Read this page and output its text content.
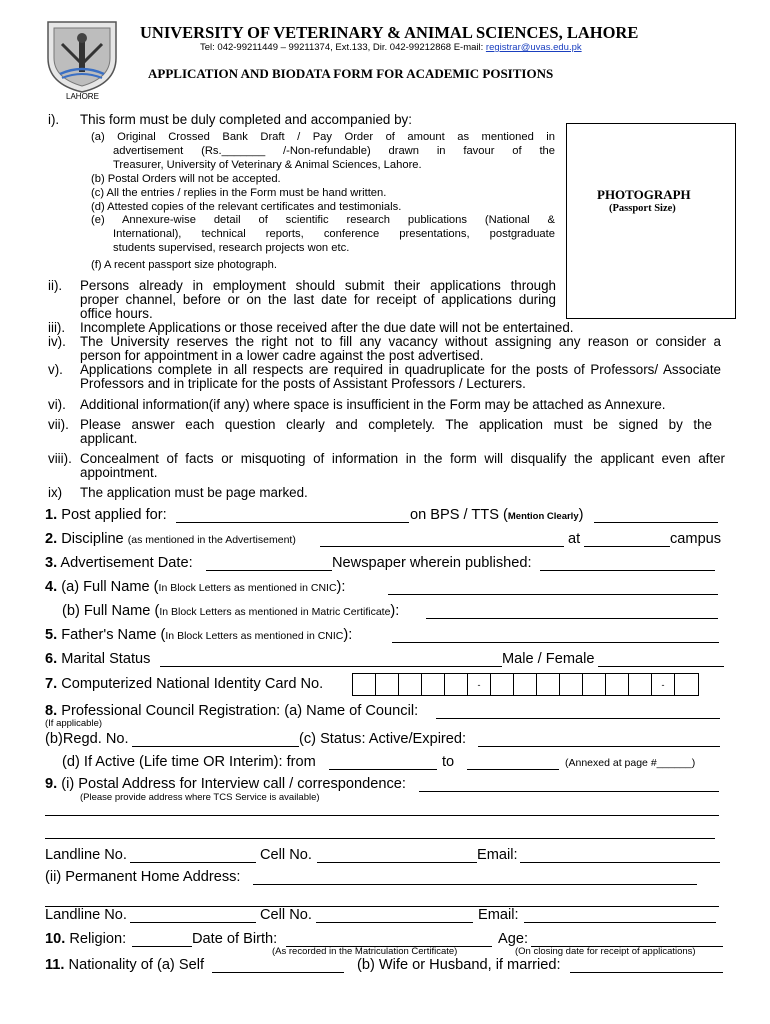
LAHORE
UNIVERSITY OF VETERINARY & ANIMAL SCIENCES, LAHORE
Tel: 042-99211449 – 99211374, Ext.133, Dir. 042-99212868 E-mail: registrar@uvas.edu.pk
APPLICATION AND BIODATA FORM FOR ACADEMIC POSITIONS
PHOTOGRAPH
(Passport Size)
i). This form must be duly completed and accompanied by:
(a) Original Crossed Bank Draft / Pay Order of amount as mentioned in
advertisement (Rs._______ /-Non-refundable) drawn in favour of the
Treasurer, University of Veterinary & Animal Sciences, Lahore.
(b) Postal Orders will not be accepted.
(c) All the entries / replies in the Form must be hand written.
(d) Attested copies of the relevant certificates and testimonials.
(e) Annexure-wise detail of scientific research publications (National &
International), technical reports, conference presentations, postgraduate
students supervised, research projects won etc.
(f) A recent passport size photograph.
ii). Persons already in employment should submit their applications through
proper channel, before or on the last date for receipt of applications during
office hours.
iii). Incomplete Applications or those received after the due date will not be entertained.
iv). The University reserves the right not to fill any vacancy without assigning any reason or consider a
person for appointment in a lower cadre against the post advertised.
v). Applications complete in all respects are required in quadruplicate for the posts of Professors/ Associate
Professors and in triplicate for the posts of Assistant Professors / Lecturers.
vi). Additional information(if any) where space is insufficient in the Form may be attached as Annexure.
vii). Please answer each question clearly and completely. The application must be signed by the
applicant.
viii). Concealment of facts or misquoting of information in the form will disqualify the applicant even after
appointment.
ix) The application must be page marked.
1. Post applied for:	on BPS / TTS (Mention Clearly)
2. Discipline (as mentioned in the Advertisement)	at	campus
3. Advertisement Date:	Newspaper wherein published:
4. (a) Full Name (In Block Letters as mentioned in CNIC):
(b) Full Name (In Block Letters as mentioned in Matric Certificate):
5. Father's Name (In Block Letters as mentioned in CNIC):
6. Marital Status	Male / Female
7. Computerized National Identity Card No.	-	-
8. Professional Council Registration: (a) Name of Council:
(If applicable)
(b)Regd. No.	(c) Status: Active/Expired:
(d) If Active (Life time OR Interim): from	to	(Annexed at page #______)
9. (i) Postal Address for Interview call / correspondence:
(Please provide address where TCS Service is available)
Landline No.	Cell No.	Email:
(ii) Permanent Home Address:
Landline No.	Cell No.	Email:
10. Religion:	Date of Birth:	Age:
(As recorded in the Matriculation Certificate)	(On closing date for receipt of applications)
11. Nationality of (a) Self	(b) Wife or Husband, if married:
